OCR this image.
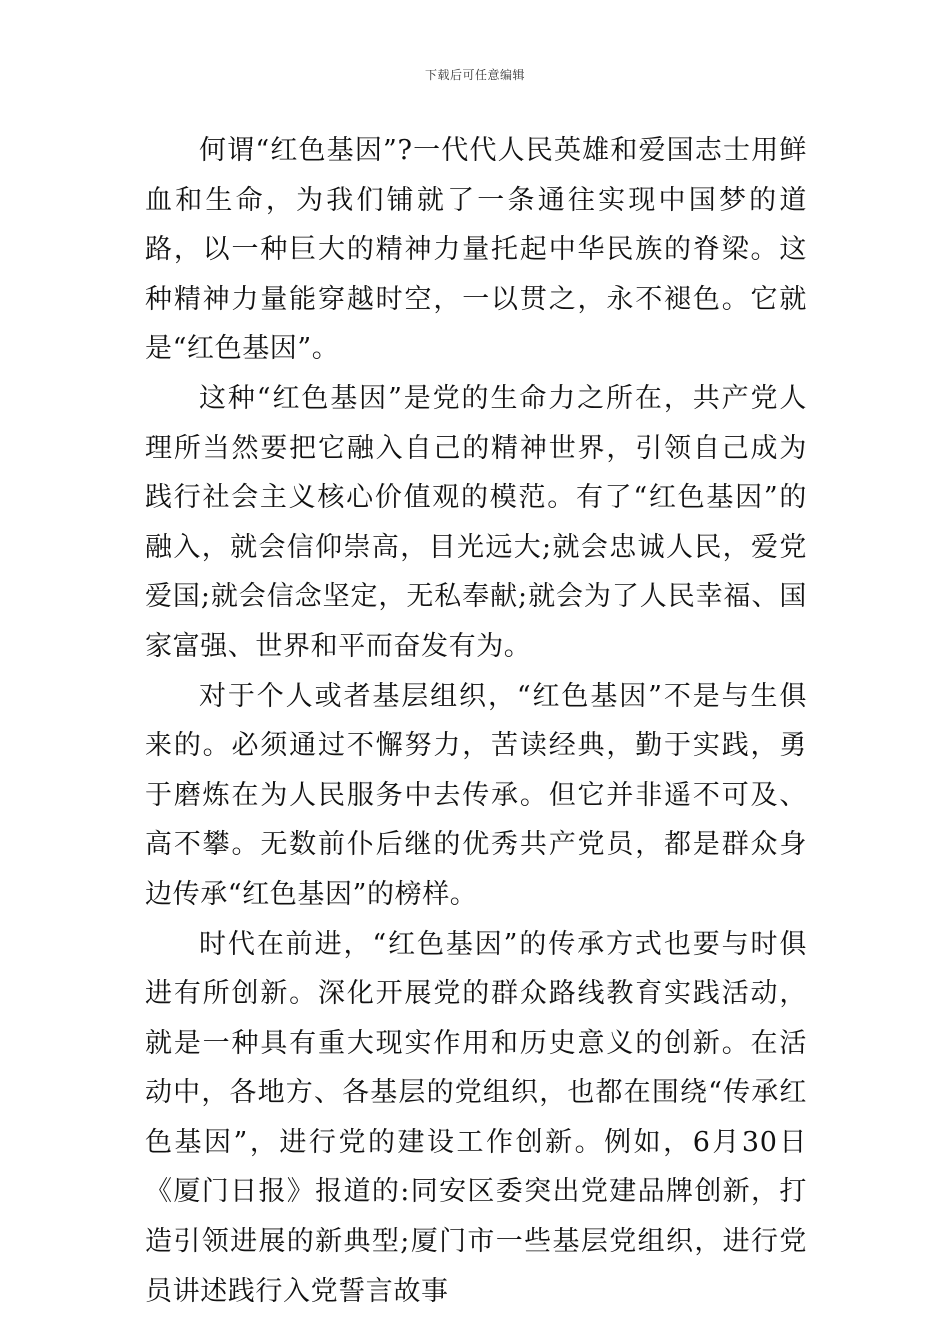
下载后可任意编辑

何谓“红色基因”?一代代人民英雄和爱国志士用鲜血和生命，为我们铺就了一条通往实现中国梦的道路，以一种巨大的精神力量托起中华民族的脊梁。这种精神力量能穿越时空，一以贯之，永不褪色。它就是“红色基因”。

这种“红色基因”是党的生命力之所在，共产党人理所当然要把它融入自己的精神世界，引领自己成为践行社会主义核心价值观的模范。有了“红色基因”的融入，就会信仰崇高，目光远大;就会忠诚人民，爱党爱国;就会信念坚定，无私奉献;就会为了人民幸福、国家富强、世界和平而奋发有为。

对于个人或者基层组织，“红色基因”不是与生俱来的。必须通过不懈努力，苦读经典，勤于实践，勇于磨炼在为人民服务中去传承。但它并非遥不可及、高不攀。无数前仆后继的优秀共产党员，都是群众身边传承“红色基因”的榜样。

时代在前进，“红色基因”的传承方式也要与时俱进有所创新。深化开展党的群众路线教育实践活动，就是一种具有重大现实作用和历史意义的创新。在活动中，各地方、各基层的党组织，也都在围绕“传承红色基因”，进行党的建设工作创新。例如，6月30日《厦门日报》报道的:同安区委突出党建品牌创新，打造引领进展的新典型;厦门市一些基层党组织，进行党员讲述践行入党誓言故事
